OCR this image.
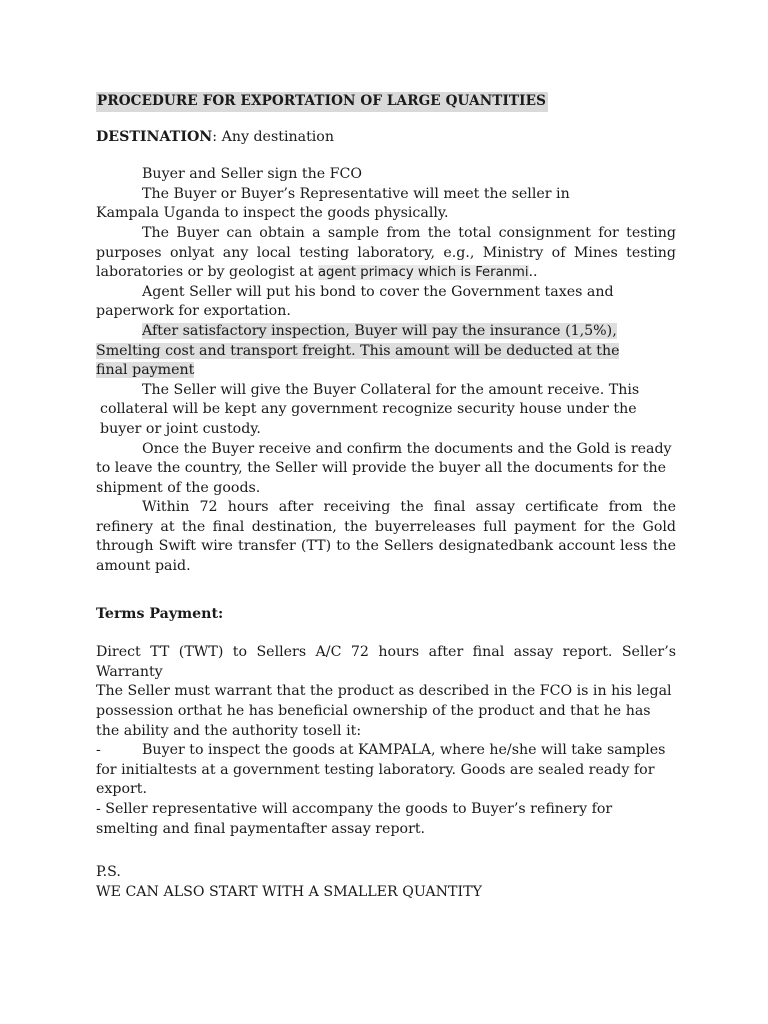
PROCEDURE FOR EXPORTATION OF LARGE QUANTITIES
DESTINATION: Any destination

Buyer and Seller sign the FCO

The Buyer or Buyer’s Representative will meet the seller in Kampala Uganda to inspect the goods physically.

The Buyer can obtain a sample from the total consignment for testing purposes onlyat any local testing laboratory, e.g., Ministry of Mines testing laboratories or by geologist at agent primacy which is Feranmi..

Agent Seller will put his bond to cover the Government taxes and paperwork for exportation.

After satisfactory inspection, Buyer will pay the insurance (1,5%), Smelting cost and transport freight. This amount will be deducted at the final payment

The Seller will give the Buyer Collateral for the amount receive. This collateral will be kept any government recognize security house under the buyer or joint custody.

Once the Buyer receive and confirm the documents and the Gold is ready to leave the country, the Seller will provide the buyer all the documents for the shipment of the goods.

Within 72 hours after receiving the final assay certificate from the refinery at the final destination, the buyerreleases full payment for the Gold through Swift wire transfer (TT) to the Sellers designatedbank account less the amount paid.

Terms Payment:

Direct TT (TWT) to Sellers A/C 72 hours after final assay report. Seller’s Warranty

The Seller must warrant that the product as described in the FCO is in his legal possession orthat he has beneficial ownership of the product and that he has the ability and the authority tosell it:

-	Buyer to inspect the goods at KAMPALA, where he/she will take samples for initialtests at a government testing laboratory. Goods are sealed ready for export.

- Seller representative will accompany the goods to Buyer’s refinery for smelting and final paymentafter assay report.

P.S.
WE CAN ALSO START WITH A SMALLER QUANTITY
